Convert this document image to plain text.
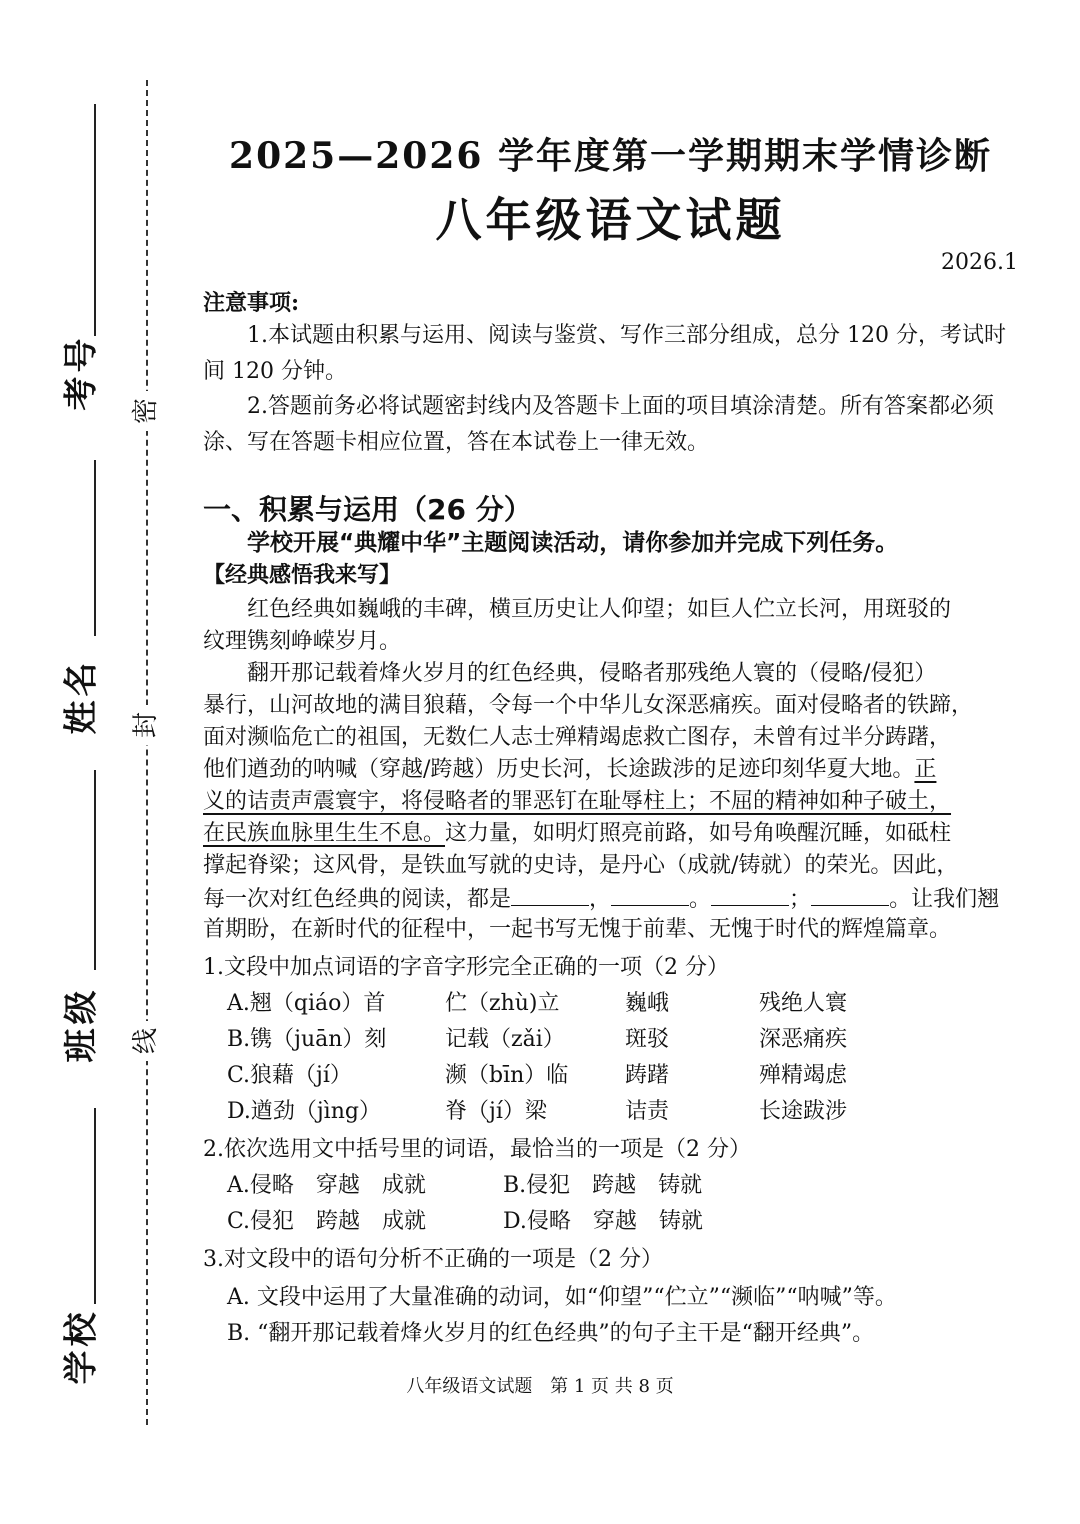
密
封
线
考号
姓名
班级
学校
2025—2026 学年度第一学期期末学情诊断
八年级语文试题
2026.1
注意事项:
1.本试题由积累与运用、阅读与鉴赏、写作三部分组成，总分 120 分，考试时间 120 分钟。
2.答题前务必将试题密封线内及答题卡上面的项目填涂清楚。所有答案都必须涂、写在答题卡相应位置，答在本试卷上一律无效。
一、积累与运用（26 分）
学校开展“典耀中华”主题阅读活动，请你参加并完成下列任务。
【经典感悟我来写】
红色经典如巍峨的丰碑，横亘历史让人仰望；如巨人伫立长河，用斑驳的
纹理镌刻峥嵘岁月。
翻开那记载着烽火岁月的红色经典，侵略者那残绝人寰的（侵略/侵犯）
暴行，山河故地的满目狼藉，令每一个中华儿女深恶痛疾。面对侵略者的铁蹄，
面对濒临危亡的祖国，无数仁人志士殚精竭虑救亡图存，未曾有过半分踌躇，
他们遒劲的呐喊（穿越/跨越）历史长河，长途跋涉的足迹印刻华夏大地。正
义的诘责声震寰宇，将侵略者的罪恶钉在耻辱柱上；不屈的精神如种子破土，
在民族血脉里生生不息。这力量，如明灯照亮前路，如号角唤醒沉睡，如砥柱
撑起脊梁；这风骨，是铁血写就的史诗，是丹心（成就/铸就）的荣光。因此，
每一次对红色经典的阅读，都是	，	。	；	。让我们翘
首期盼，在新时代的征程中，一起书写无愧于前辈、无愧于时代的辉煌篇章。
1.文段中加点词语的字音字形完全正确的一项（2 分）
A.翘（qiáo）首	伫（zhù)立	巍峨	残绝人寰
B.镌（juān）刻	记载（zǎi）	斑驳	深恶痛疾
C.狼藉（jí）	濒（bīn）临	踌躇	殚精竭虑
D.遒劲（jìng）	脊（jí）梁	诘责	长途跋涉
2.依次选用文中括号里的词语，最恰当的一项是（2 分）
A.侵略　穿越　成就	B.侵犯　跨越　铸就
C.侵犯　跨越　成就	D.侵略　穿越　铸就
3.对文段中的语句分析不正确的一项是（2 分）
A. 文段中运用了大量准确的动词，如“仰望”“伫立”“濒临”“呐喊”等。
B. “翻开那记载着烽火岁月的红色经典”的句子主干是“翻开经典”。
八年级语文试题 第 1 页 共 8 页
